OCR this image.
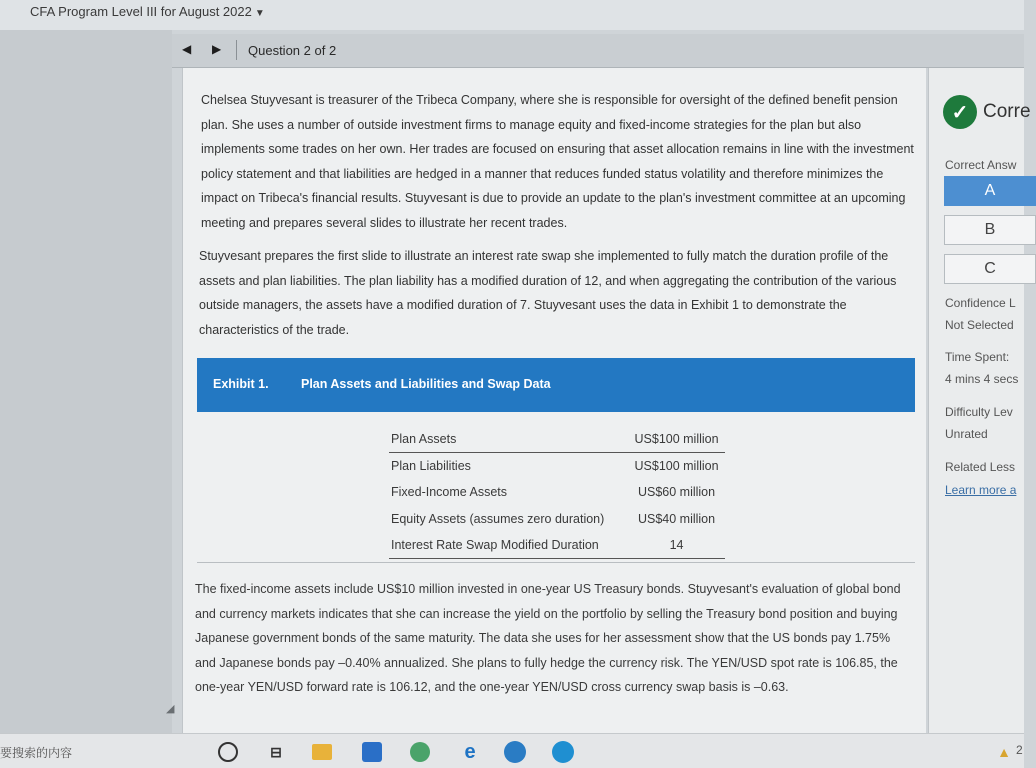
CFA Program Level III for August 2022 ▼
◀ ▶ Question 2 of 2

Chelsea Stuyvesant is treasurer of the Tribeca Company, where she is responsible for oversight of the defined benefit pension plan. She uses a number of outside investment firms to manage equity and fixed-income strategies for the plan but also implements some trades on her own. Her trades are focused on ensuring that asset allocation remains in line with the investment policy statement and that liabilities are hedged in a manner that reduces funded status volatility and therefore minimizes the impact on Tribeca's financial results. Stuyvesant is due to provide an update to the plan's investment committee at an upcoming meeting and prepares several slides to illustrate her recent trades.

Stuyvesant prepares the first slide to illustrate an interest rate swap she implemented to fully match the duration profile of the assets and plan liabilities. The plan liability has a modified duration of 12, and when aggregating the contribution of the various outside managers, the assets have a modified duration of 7. Stuyvesant uses the data in Exhibit 1 to demonstrate the characteristics of the trade.

Exhibit 1.	Plan Assets and Liabilities and Swap Data
Plan Assets	US$100 million
Plan Liabilities	US$100 million
Fixed-Income Assets	US$60 million
Equity Assets (assumes zero duration)	US$40 million
Interest Rate Swap Modified Duration	14

The fixed-income assets include US$10 million invested in one-year US Treasury bonds. Stuyvesant's evaluation of global bond and currency markets indicates that she can increase the yield on the portfolio by selling the Treasury bond position and buying Japanese government bonds of the same maturity. The data she uses for her assessment show that the US bonds pay 1.75% and Japanese bonds pay –0.40% annualized. She plans to fully hedge the currency risk. The YEN/USD spot rate is 106.85, the one-year YEN/USD forward rate is 106.12, and the one-year YEN/USD cross currency swap basis is –0.63.

◢
✓ Corre
Correct Answ
A
B
C
Confidence L
Not Selected
Time Spent:
4 mins 4 secs
Difficulty Lev
Unrated
Related Less
Learn more a
要搜索的内容	⊟	e	▲ 2
